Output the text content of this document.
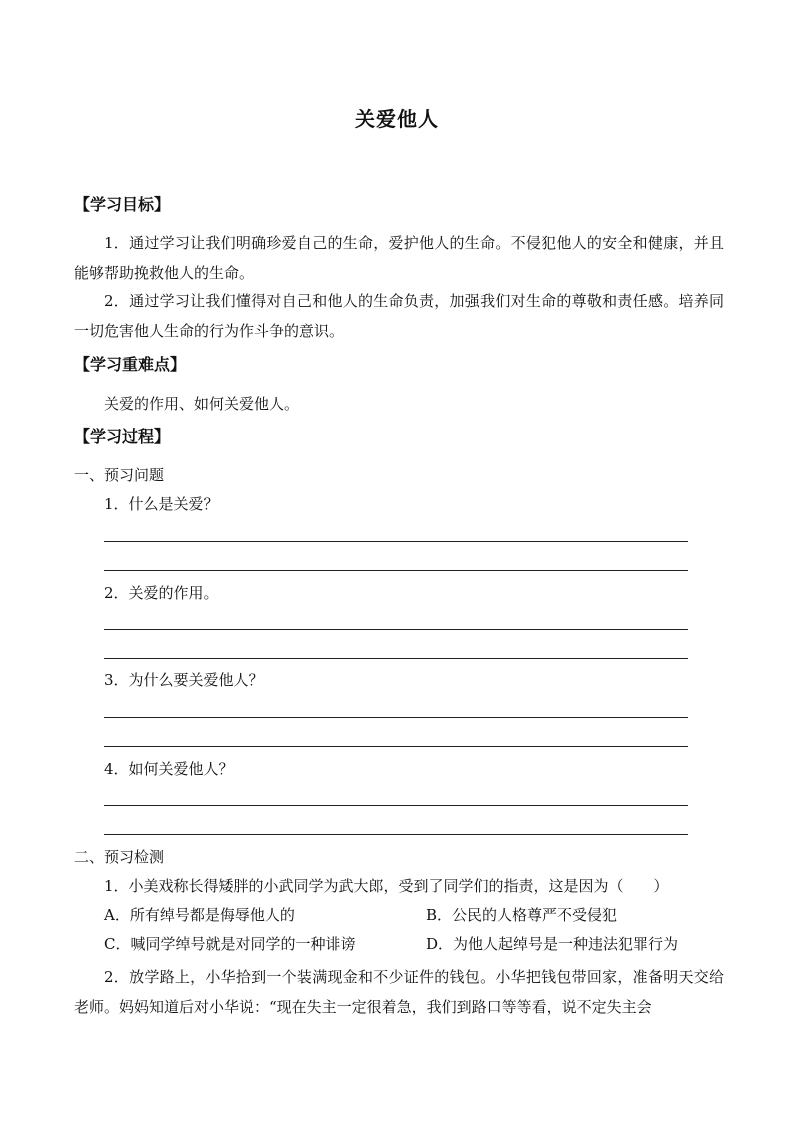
关爱他人
【学习目标】
1．通过学习让我们明确珍爱自己的生命，爱护他人的生命。不侵犯他人的安全和健康，并且能够帮助挽救他人的生命。
2．通过学习让我们懂得对自己和他人的生命负责，加强我们对生命的尊敬和责任感。培养同一切危害他人生命的行为作斗争的意识。
【学习重难点】
关爱的作用、如何关爱他人。
【学习过程】
一、预习问题
1．什么是关爱？
2．关爱的作用。
3．为什么要关爱他人？
4．如何关爱他人？
二、预习检测
1．小美戏称长得矮胖的小武同学为武大郎，受到了同学们的指责，这是因为（　　）
A．所有绰号都是侮辱他人的	B．公民的人格尊严不受侵犯
C．喊同学绰号就是对同学的一种诽谤	D．为他人起绰号是一种违法犯罪行为
2．放学路上，小华拾到一个装满现金和不少证件的钱包。小华把钱包带回家，准备明天交给老师。妈妈知道后对小华说：“现在失主一定很着急，我们到路口等等看，说不定失主会
